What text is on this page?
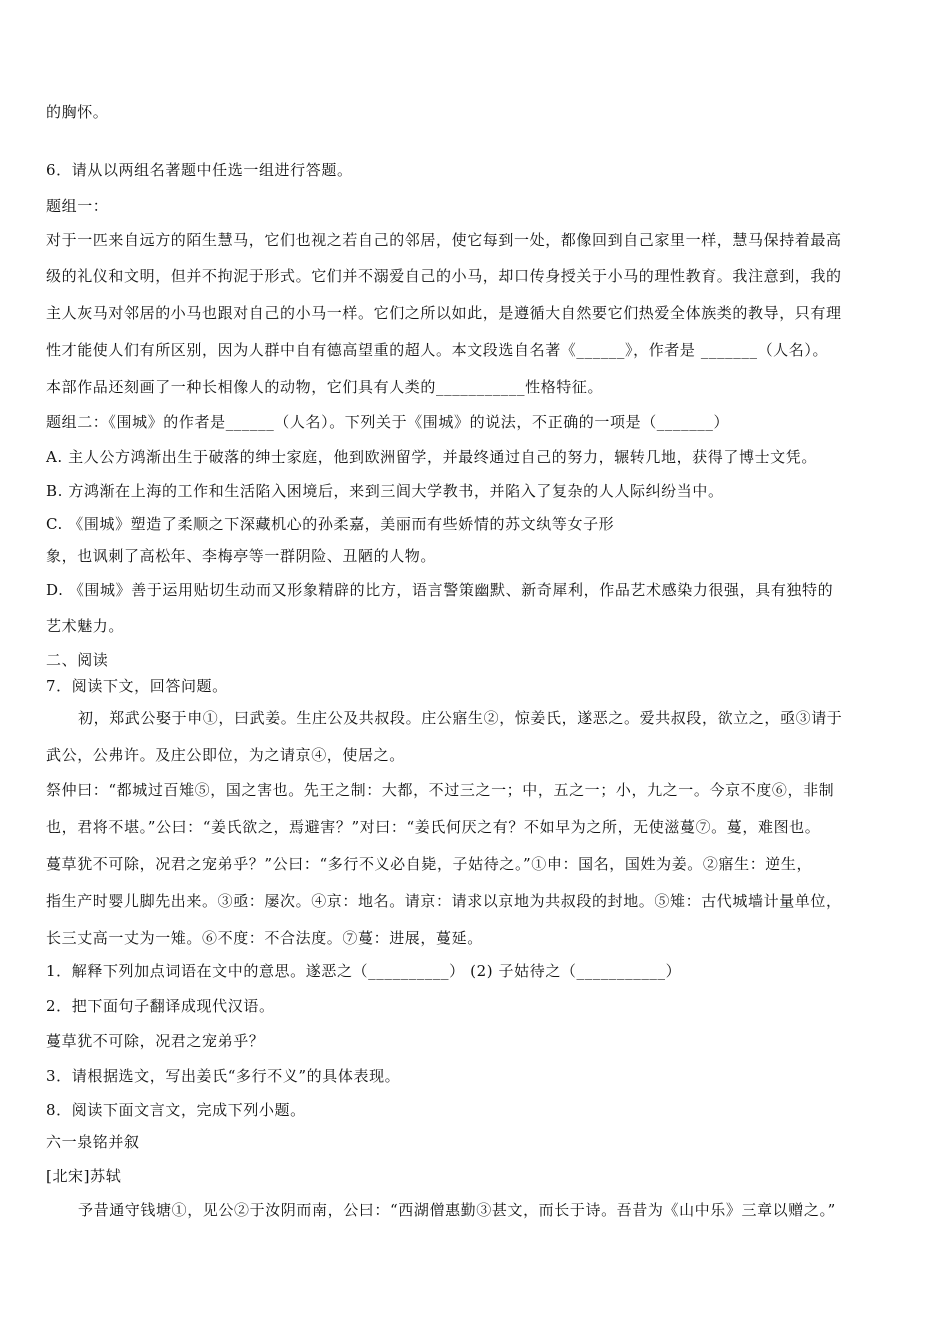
的胸怀。
6．请从以两组名著题中任选一组进行答题。
题组一：
对于一匹来自远方的陌生慧马，它们也视之若自己的邻居，使它每到一处，都像回到自己家里一样，慧马保持着最高
级的礼仪和文明，但并不拘泥于形式。它们并不溺爱自己的小马，却口传身授关于小马的理性教育。我注意到，我的
主人灰马对邻居的小马也跟对自己的小马一样。它们之所以如此，是遵循大自然要它们热爱全体族类的教导，只有理
性才能使人们有所区别，因为人群中自有德高望重的超人。本文段选自名著《______》，作者是 _______（人名）。
本部作品还刻画了一种长相像人的动物，它们具有人类的___________性格特征。
题组二：《围城》的作者是______（人名）。下列关于《围城》的说法，不正确的一项是（_______）
A. 主人公方鸿渐出生于破落的绅士家庭，他到欧洲留学，并最终通过自己的努力，辗转几地，获得了博士文凭。
B. 方鸿渐在上海的工作和生活陷入困境后，来到三闾大学教书，并陷入了复杂的人人际纠纷当中。
C. 《围城》塑造了柔顺之下深藏机心的孙柔嘉，美丽而有些娇情的苏文纨等女子形
象，也讽刺了高松年、李梅亭等一群阴险、丑陋的人物。
D. 《围城》善于运用贴切生动而又形象精辟的比方，语言警策幽默、新奇犀利，作品艺术感染力很强，具有独特的
艺术魅力。
二、阅读
7．阅读下文，回答问题。
初，郑武公娶于申①，曰武姜。生庄公及共叔段。庄公寤生②，惊姜氏，遂恶之。爱共叔段，欲立之，亟③请于
武公，公弗许。及庄公即位，为之请京④，使居之。
祭仲曰：“都城过百雉⑤，国之害也。先王之制：大都，不过三之一；中，五之一；小，九之一。今京不度⑥，非制
也，君将不堪。”公曰：“姜氏欲之，焉避害？”对曰：“姜氏何厌之有？不如早为之所，无使滋蔓⑦。蔓，难图也。
蔓草犹不可除，况君之宠弟乎？”公曰：“多行不义必自毙，子姑待之。”①申：国名，国姓为姜。②寤生：逆生，
指生产时婴儿脚先出来。③亟：屡次。④京：地名。请京：请求以京地为共叔段的封地。⑤雉：古代城墙计量单位，
长三丈高一丈为一雉。⑥不度：不合法度。⑦蔓：进展，蔓延。
1．解释下列加点词语在文中的意思。遂恶之（__________） (2) 子姑待之（___________）
2．把下面句子翻译成现代汉语。
蔓草犹不可除，况君之宠弟乎？
3．请根据选文，写出姜氏“多行不义”的具体表现。
8．阅读下面文言文，完成下列小题。
六一泉铭并叙
[北宋]苏轼
予昔通守钱塘①，见公②于汝阴而南，公曰：“西湖僧惠勤③甚文，而长于诗。吾昔为《山中乐》三章以赠之。”
